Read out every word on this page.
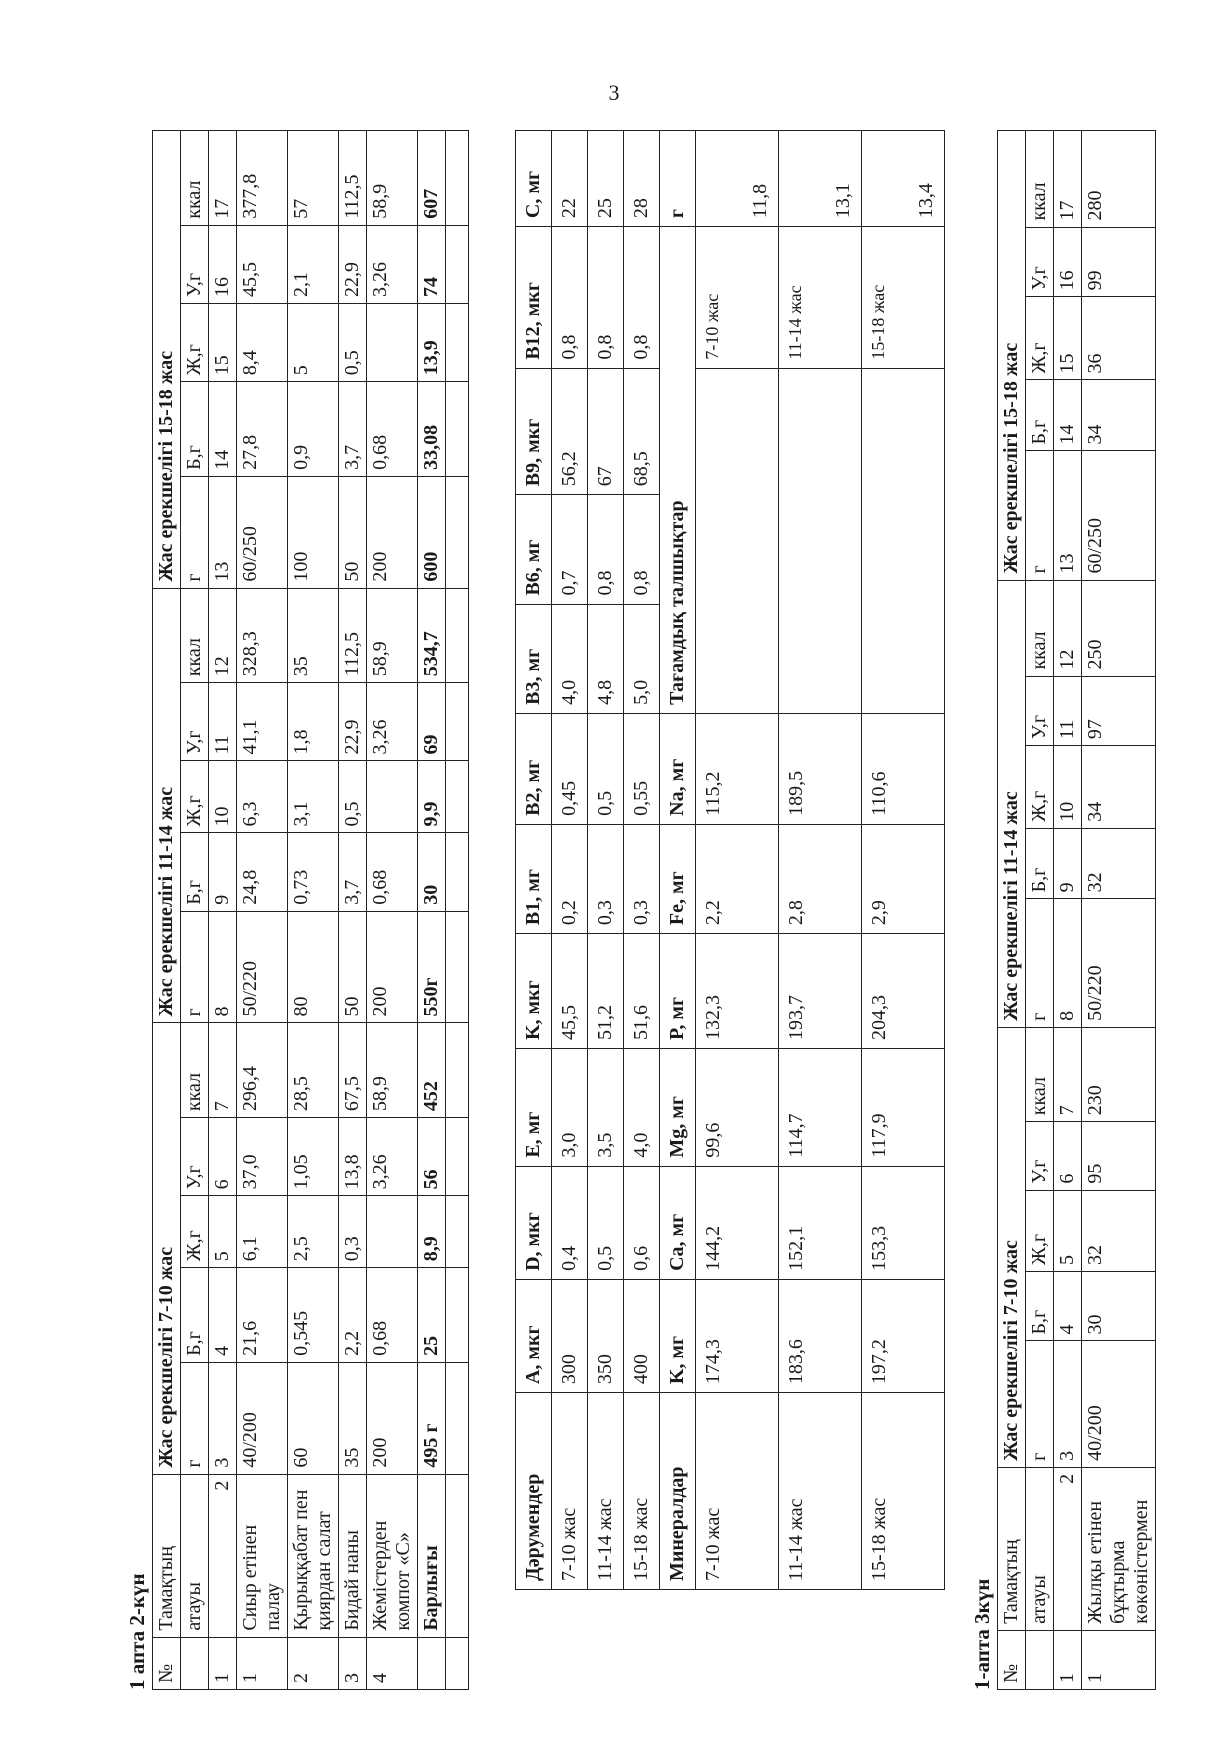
3
1 апта 2-күн №	Тамақтың	Жас ерекшелігі 7-10 жас					Жас ерекшелігі 11-14 жас					Жас ерекшелігі 15-18 жас				
	атауы	г	Б,г	Ж,г	У,г	ккал	г	Б,г	Ж,г	У,г	ккал	г	Б,г	Ж,г	У,г	ккал
1	2	3	4	5	6	7	8	9	10	11	12	13	14	15	16	17
1	Сиыр етінен палау	40/200	21,6	6,1	37,0	296,4	50/220	24,8	6,3	41,1	328,3	60/250	27,8	8,4	45,5	377,8
2	Қырыққабат пен қиярдан салат	60	0,545	2,5	1,05	28,5	80	0,73	3,1	1,8	35	100	0,9	5	2,1	57
3	Бидай наны	35	2,2	0,3	13,8	67,5	50	3,7	0,5	22,9	112,5	50	3,7	0,5	22,9	112,5
4	Жемістерден компот «С»	200	0,68		3,26	58,9	200	0,68		3,26	58,9	200	0,68		3,26	58,9
	Барлығы	495 г	25	8,9	56	452	550г	30	9,9	69	534,7	600	33,08	13,9	74	607

Дәрумендер	A, мкг	D, мкг	E, мг	K, мкг	B1, мг	B2, мг	B3, мг	B6, мг	B9, мкг	B12, мкг	C, мг
7-10 жас	300	0,4	3,0	45,5	0,2	0,45	4,0	0,7	56,2	0,8	22
11-14 жас	350	0,5	3,5	51,2	0,3	0,5	4,8	0,8	67	0,8	25
15-18 жас	400	0,6	4,0	51,6	0,3	0,55	5,0	0,8	68,5	0,8	28
Минералдар	K, мг	Ca, мг	Mg, мг	P, мг	Fe, мг	Na, мг	Тағамдық талшықтар				г
7-10 жас	174,3	144,2	99,6	132,3	2,2	115,2				7-10 жас	11,8
11-14 жас	183,6	152,1	114,7	193,7	2,8	189,5				11-14 жас	13,1
15-18 жас	197,2	153,3	117,9	204,3	2,9	110,6				15-18 жас	13,4
1-апта 3күн №	Тамақтың	Жас ерекшелігі 7-10 жас					Жас ерекшелігі 11-14 жас					Жас ерекшелігі 15-18 жас				
	атауы	г	Б,г	Ж,г	У,г	ккал	г	Б,г	Ж,г	У,г	ккал	г	Б,г	Ж,г	У,г	ккал
1	2	3	4	5	6	7	8	9	10	11	12	13	14	15	16	17
1	Жылқы етінен бұқтырма көкөністермен	40/200	30	32	95	230	50/220	32	34	97	250	60/250	34	36	99	280
